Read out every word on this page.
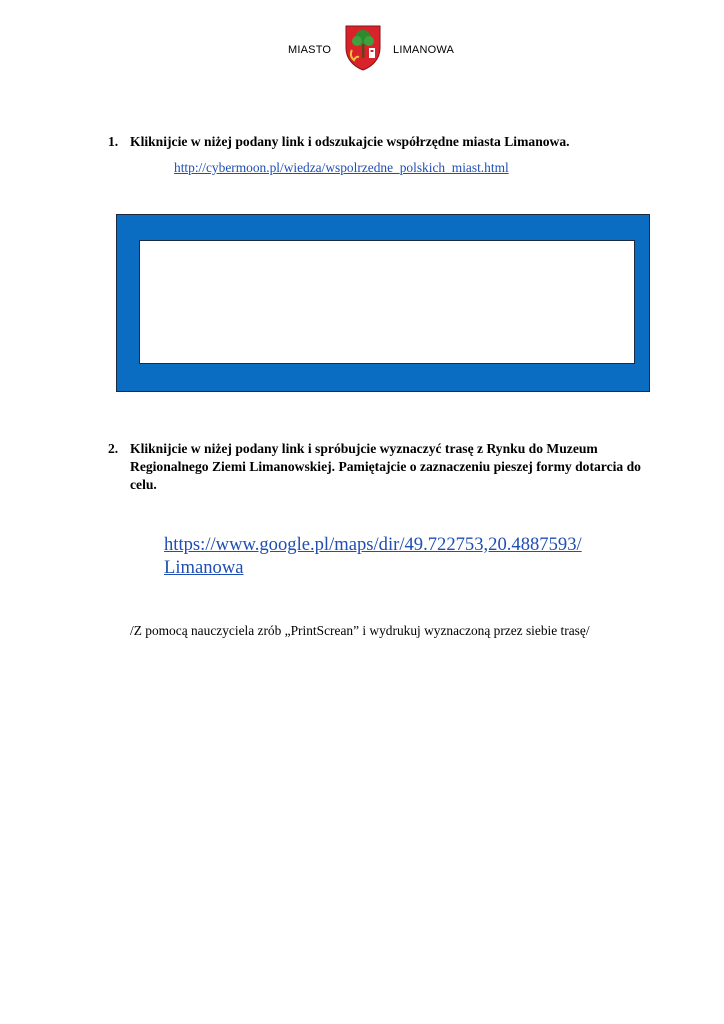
MIASTO	LIMANOWA
1. Kliknijcie w niżej podany link i odszukajcie współrzędne miasta Limanowa.
http://cybermoon.pl/wiedza/wspolrzedne_polskich_miast.html
2. Kliknijcie w niżej podany link i spróbujcie wyznaczyć trasę z Rynku do Muzeum Regionalnego Ziemi Limanowskiej. Pamiętajcie o zaznaczeniu pieszej formy dotarcia do celu.
https://www.google.pl/maps/dir/49.722753,20.4887593/
Limanowa
/Z pomocą nauczyciela zrób „PrintScrean” i wydrukuj wyznaczoną przez siebie trasę/
